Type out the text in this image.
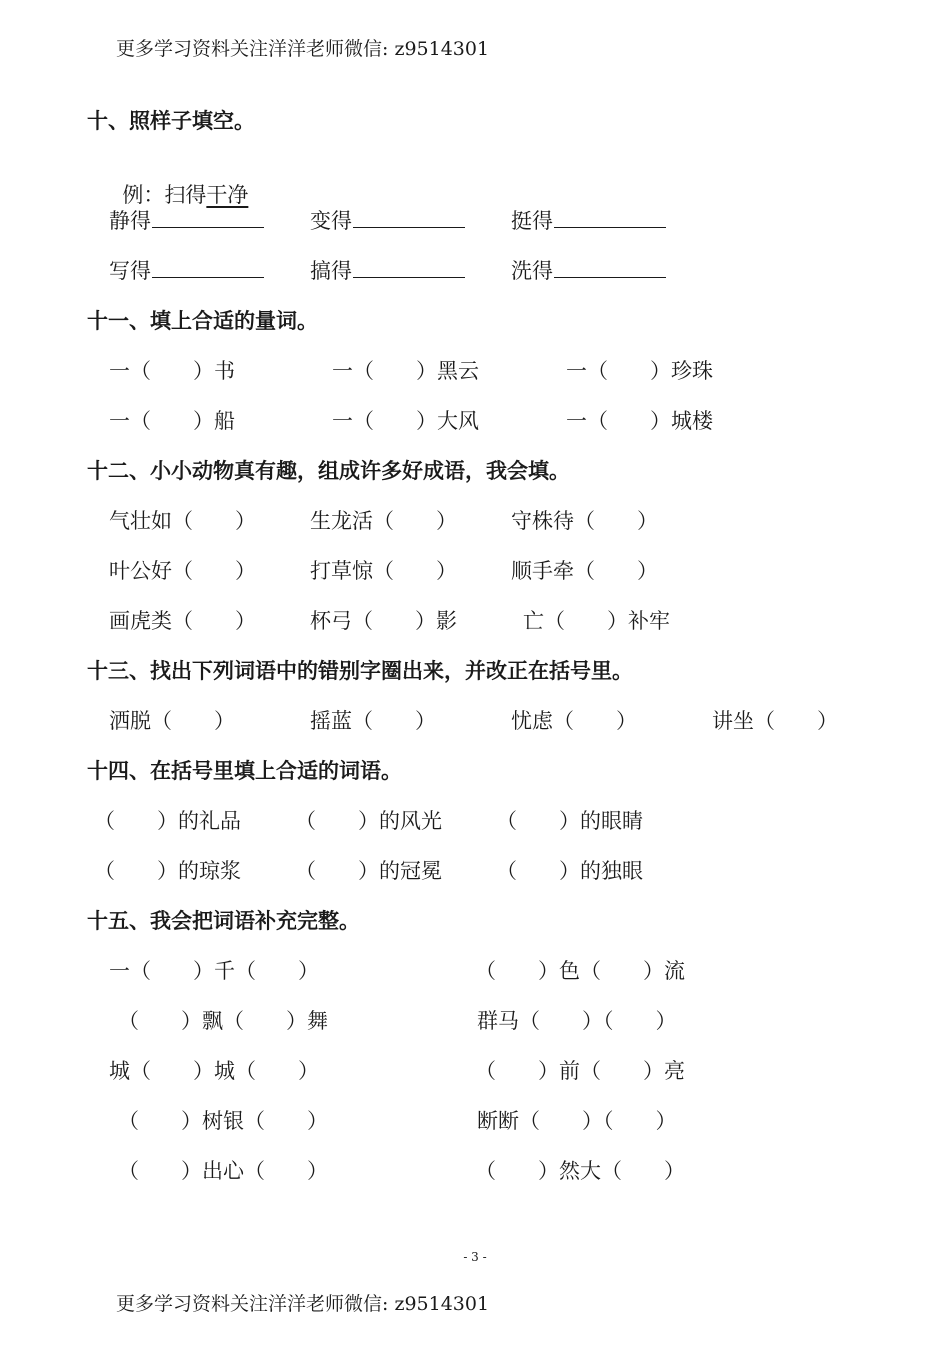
更多学习资料关注洋洋老师微信: z9514301
十、照样子填空。

例：扫得干净

静得	变得	挺得
写得	搞得	洗得
十一、填上合适的量词。
一（　　）书	一（　　）黑云	一（　　）珍珠
一（　　）船	一（　　）大风	一（　　）城楼
十二、小小动物真有趣，组成许多好成语，我会填。
气壮如（　　）	生龙活（　　）	守株待（　　）
叶公好（　　）	打草惊（　　）	顺手牵（　　）
画虎类（　　）	杯弓（　　）影	亡（　　）补牢
十三、找出下列词语中的错别字圈出来，并改正在括号里。
洒脱（　　）	摇蓝（　　）	忧虑（　　）	讲坐（　　）
十四、在括号里填上合适的词语。
（　　）的礼品	（　　）的风光	（　　）的眼睛
（　　）的琼浆	（　　）的冠冕	（　　）的独眼
十五、我会把词语补充完整。
一（　　）千（　　）	（　　）色（　　）流
（　　）飘（　　）舞	群马（　　）（　　）
城（　　）城（　　）	（　　）前（　　）亮
（　　）树银（　　）	断断（　　）（　　）
（　　）出心（　　）	（　　）然大（　　）
- 3 -
更多学习资料关注洋洋老师微信: z9514301
